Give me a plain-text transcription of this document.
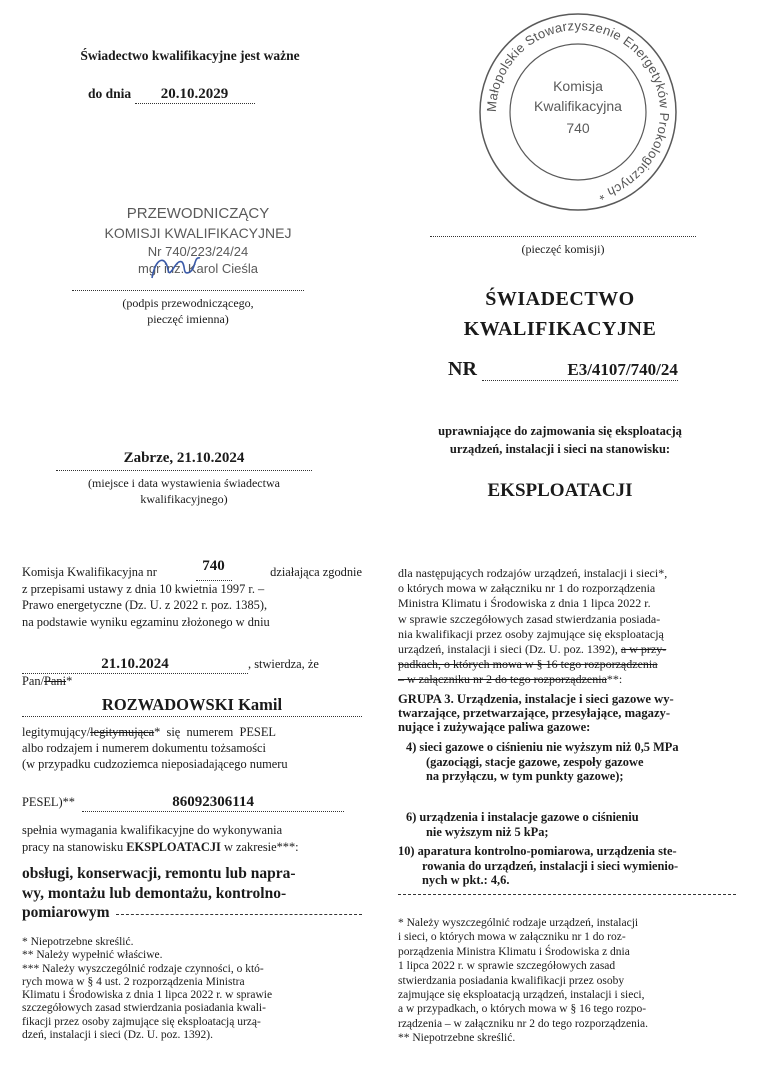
Świadectwo kwalifikacyjne jest ważne
do dnia 20.10.2029
Małopolskie Stowarzyszenie Energetyków Prokologicznych *
Komisja
Kwalifikacyjna
740
(pieczęć komisji)
PRZEWODNICZĄCY
KOMISJI KWALIFIKACYJNEJ
Nr 740/223/24/24
mgr inż. Karol Cieśla
(podpis przewodniczącego,
pieczęć imienna)
ŚWIADECTWO
KWALIFIKACYJNE
NR	E3/4107/740/24
uprawniające do zajmowania się eksploatacją
urządzeń, instalacji i sieci na stanowisku:
EKSPLOATACJI
Zabrze, 21.10.2024
(miejsce i data wystawienia świadectwa
kwalifikacyjnego)
Komisja Kwalifikacyjna nr	740	działająca zgodnie
z przepisami ustawy z dnia 10 kwietnia 1997 r. –
Prawo energetyczne (Dz. U. z 2022 r. poz. 1385),
na podstawie wyniku egzaminu złożonego w dniu
21.10.2024	, stwierdza, że Pan/Pani*
ROZWADOWSKI Kamil
legitymujący/legitymująca*  się  numerem  PESEL
albo rodzajem i numerem dokumentu tożsamości
(w przypadku cudzoziemca nieposiadającego numeru
PESEL)**	86092306114
spełnia wymagania kwalifikacyjne do wykonywania
pracy na stanowisku EKSPLOATACJI w zakresie***:
obsługi, konserwacji, remontu lub napra-
wy, montażu lub demontażu, kontrolno-
pomiarowym
* Niepotrzebne skreślić.
** Należy wypełnić właściwe.
*** Należy wyszczególnić rodzaje czynności, o któ-
rych mowa w § 4 ust. 2 rozporządzenia Ministra
Klimatu i Środowiska z dnia 1 lipca 2022 r. w sprawie
szczegółowych zasad stwierdzania posiadania kwali-
fikacji przez osoby zajmujące się eksploatacją urzą-
dzeń, instalacji i sieci (Dz. U. poz. 1392).
dla następujących rodzajów urządzeń, instalacji i sieci*,
o których mowa w załączniku nr 1 do rozporządzenia
Ministra Klimatu i Środowiska z dnia 1 lipca 2022 r.
w sprawie szczegółowych zasad stwierdzania posiada-
nia kwalifikacji przez osoby zajmujące się eksploatacją
urządzeń, instalacji i sieci (Dz. U. poz. 1392), a w przy-
padkach, o których mowa w § 16 tego rozporządzenia
– w załączniku nr 2 do tego rozporządzenia**:
GRUPA 3. Urządzenia, instalacje i sieci gazowe wy-
twarzające, przetwarzające, przesyłające, magazy-
nujące i zużywające paliwa gazowe:
4) sieci gazowe o ciśnieniu nie wyższym niż 0,5 MPa
(gazociągi, stacje gazowe, zespoły gazowe
na przyłączu, w tym punkty gazowe);
6) urządzenia i instalacje gazowe o ciśnieniu
nie wyższym niż 5 kPa;
10) aparatura kontrolno-pomiarowa, urządzenia ste-
rowania do urządzeń, instalacji i sieci wymienio-
nych w pkt.: 4,6.
* Należy wyszczególnić rodzaje urządzeń, instalacji
i sieci, o których mowa w załączniku nr 1 do roz-
porządzenia Ministra Klimatu i Środowiska z dnia
1 lipca 2022 r. w sprawie szczegółowych zasad
stwierdzania posiadania kwalifikacji przez osoby
zajmujące się eksploatacją urządzeń, instalacji i sieci,
a w przypadkach, o których mowa w § 16 tego rozpo-
rządzenia – w załączniku nr 2 do tego rozporządzenia.
** Niepotrzebne skreślić.
